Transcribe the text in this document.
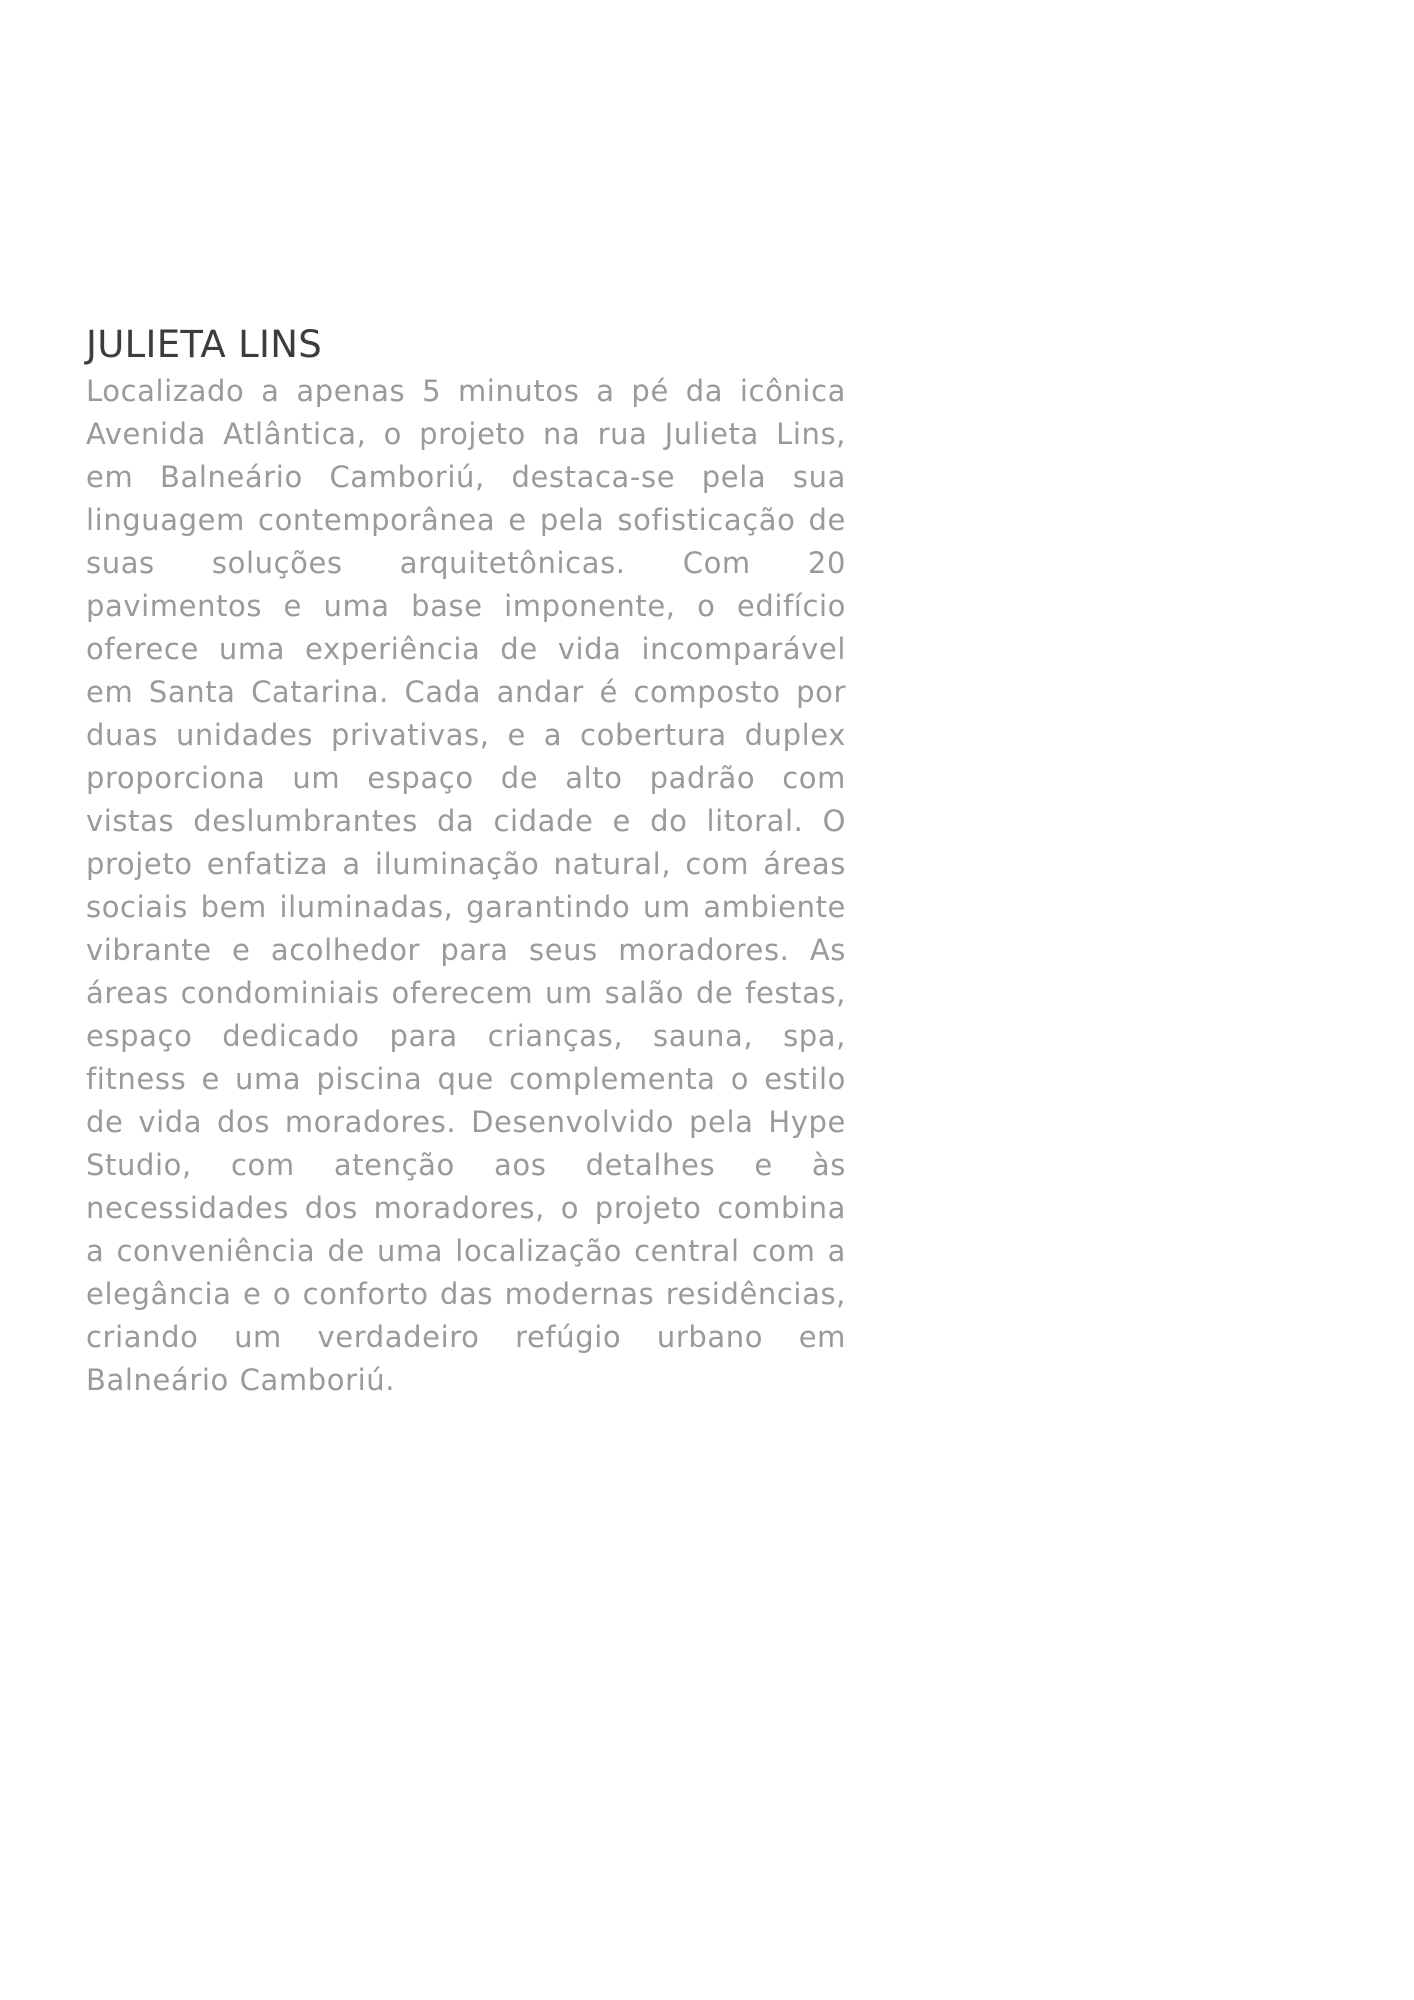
JULIETA LINS

Localizado a apenas 5 minutos a pé da icônica Avenida Atlântica, o projeto na rua Julieta Lins, em Balneário Camboriú, destaca-se pela sua linguagem contemporânea e pela sofisticação de suas soluções arquitetônicas. Com 20 pavimentos e uma base imponente, o edifício oferece uma experiência de vida incomparável em Santa Catarina. Cada andar é composto por duas unidades privativas, e a cobertura duplex proporciona um espaço de alto padrão com vistas deslumbrantes da cidade e do litoral. O projeto enfatiza a iluminação natural, com áreas sociais bem iluminadas, garantindo um ambiente vibrante e acolhedor para seus moradores. As áreas condominiais oferecem um salão de festas, espaço dedicado para crianças, sauna, spa, fitness e uma piscina que complementa o estilo de vida dos moradores. Desenvolvido pela Hype Studio, com atenção aos detalhes e às necessidades dos moradores, o projeto combina a conveniência de uma localização central com a elegância e o conforto das modernas residências, criando um verdadeiro refúgio urbano em Balneário Camboriú.
